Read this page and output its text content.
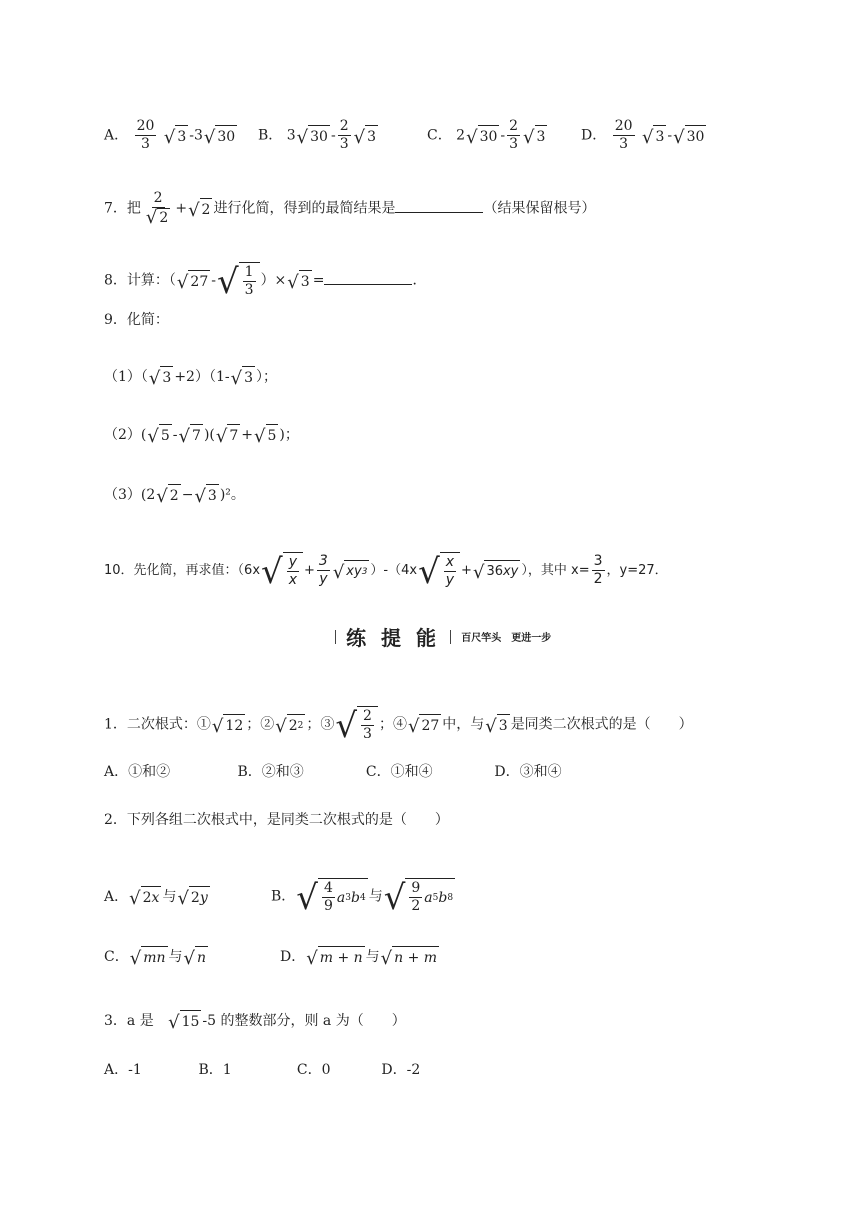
A． $\frac{20}{3}$
√ 3 -3 √ 30 B． 3 √ $30 - \frac{2}{3}$ √ 3	C． 2 √ $30 - \frac{2}{3}$ √ 3	D． $\frac{20}{3}$
√ 3 - √ 30
7．把 $\frac{2}{√ 2}$ + √ 2 进行化简，得到的最简结果是	（结果保留根号）
8．计算：（ √ 27 - √ $\frac{1}{3}$ ）× √ 3 =	．
9．化简：
（1）（ √ 3 +2）（1- √ 3 ）；
（2）( √ 5 - √ 7 )( √ 7 + √ 5 )；
（3）(2 √ 2 − √ 3 )²。
10．先化简，再求值：（6x √ $\frac{y}{x} + \frac{3}{y}$ √ xy 3 ）-（4x √ $\frac{x}{y}$ + √ 36 xy ），其中 $x= \frac{3}{2}$ ，y=27．
练 提 能 百尺竿头　更进一步
1．二次根式：① √ 12 ；② √ 2 2 ；③ √ $\frac{2}{3}$ ；④ √ 27 中，与 √ 3 是同类二次根式的是（　　）
A．①和②	B．②和③	C．①和④	D．③和④
2．下列各组二次根式中，是同类二次根式的是（　　）
A． √ 2 x 与 √ 2 y	B． √ $\frac{4}{9}$ a 3 b 4 与 √ $\frac{9}{2}$ a 5 b 8
C． √ mn 与 √ n	D． √ m + n 与 √ n + m
3．a 是 √ 15 -5 的整数部分，则 a 为（　　）
A．-1	B．1	C．0	D．-2
